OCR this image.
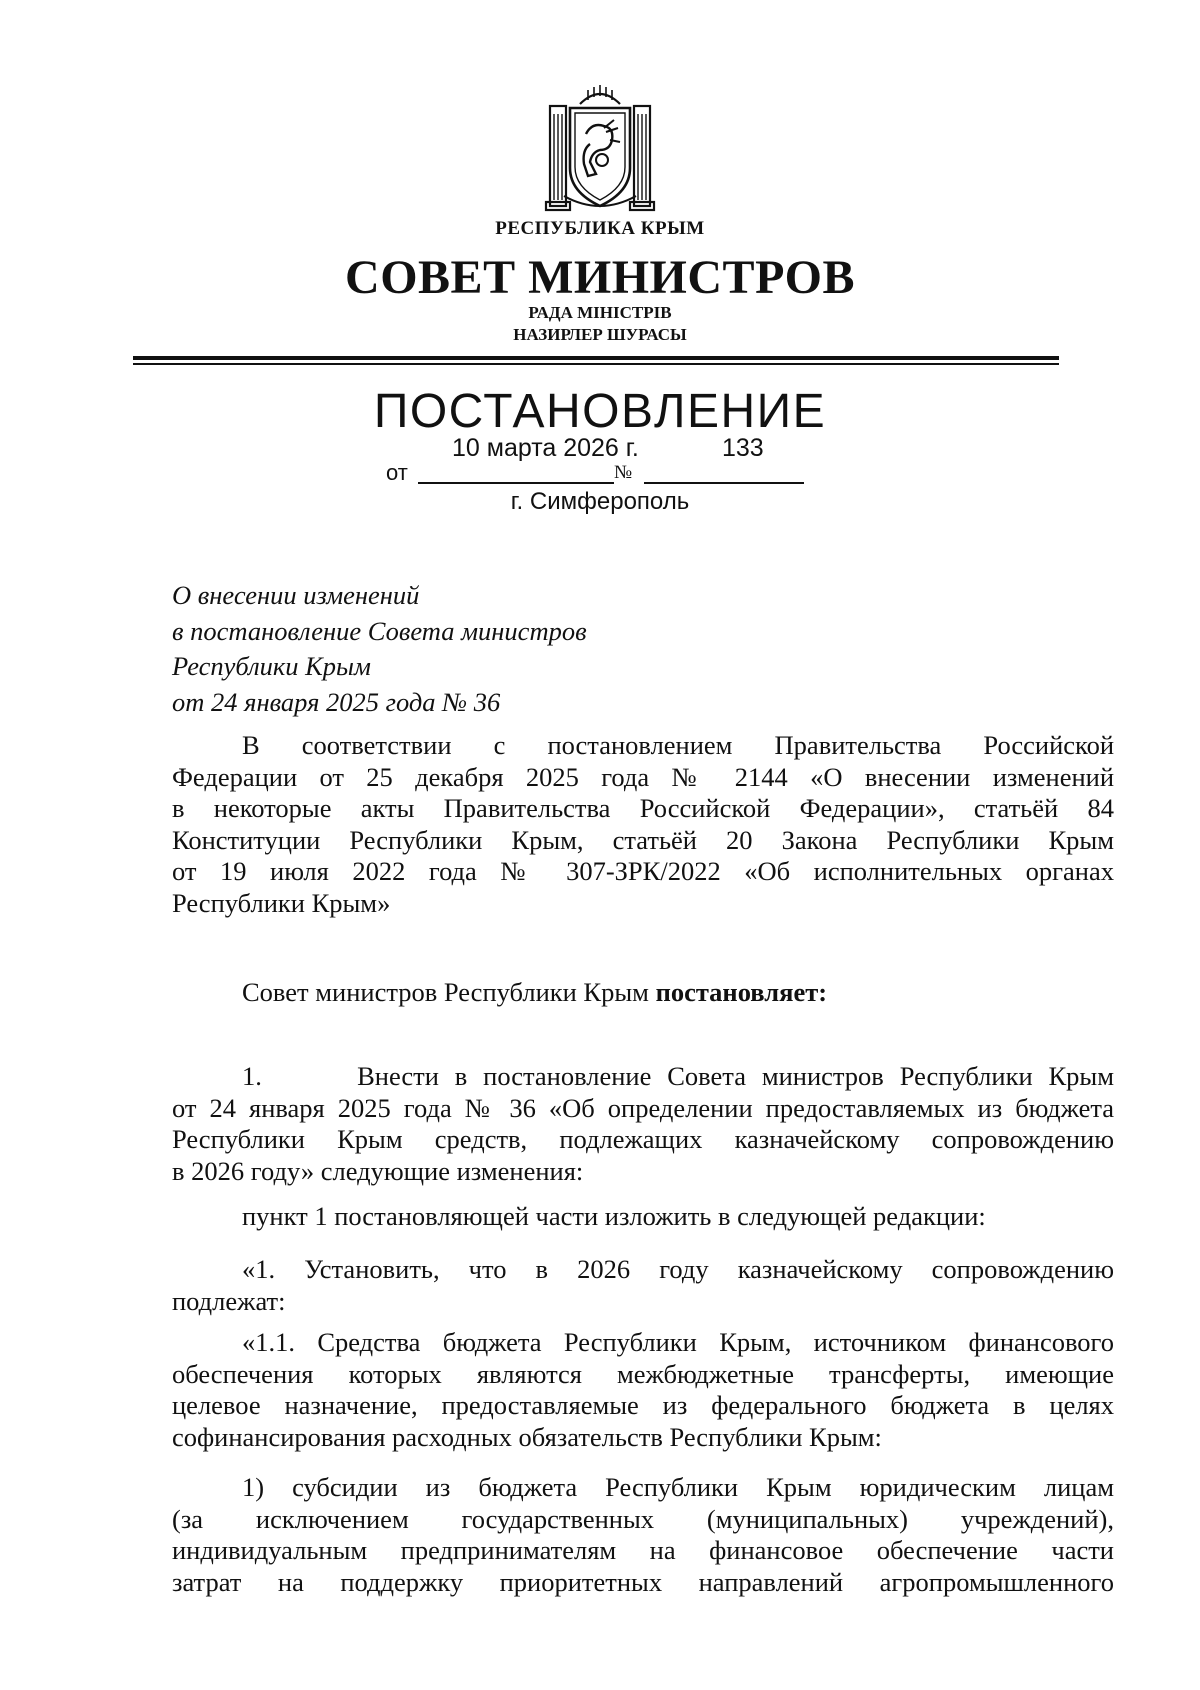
РЕСПУБЛИКА КРЫМ
СОВЕТ МИНИСТРОВ
РАДА МІНІСТРІВ
НАЗИРЛЕР ШУРАСЫ
ПОСТАНОВЛЕНИЕ
10 марта 2026 г.	133
от	№
г. Симферополь
О внесении изменений
в постановление Совета министров
Республики Крым
от 24 января 2025 года № 36
В соответствии с постановлением Правительства Российской
Федерации от 25 декабря 2025 года № 2144 «О внесении изменений
в некоторые акты Правительства Российской Федерации», статьёй 84
Конституции Республики Крым, статьёй 20 Закона Республики Крым
от 19 июля 2022 года № 307-ЗРК/2022 «Об исполнительных органах
Республики Крым»
Совет министров Республики Крым постановляет:
1.      Внести в постановление Совета министров Республики Крым
от 24 января 2025 года № 36 «Об определении предоставляемых из бюджета
Республики Крым средств, подлежащих казначейскому сопровождению
в 2026 году» следующие изменения:
пункт 1 постановляющей части изложить в следующей редакции:
«1. Установить, что в 2026 году казначейскому сопровождению
подлежат:
«1.1. Средства бюджета Республики Крым, источником финансового
обеспечения которых являются межбюджетные трансферты, имеющие
целевое назначение, предоставляемые из федерального бюджета в целях
софинансирования расходных обязательств Республики Крым:
1) субсидии из бюджета Республики Крым юридическим лицам
(за исключением государственных (муниципальных) учреждений),
индивидуальным предпринимателям на финансовое обеспечение части
затрат на поддержку приоритетных направлений агропромышленного
